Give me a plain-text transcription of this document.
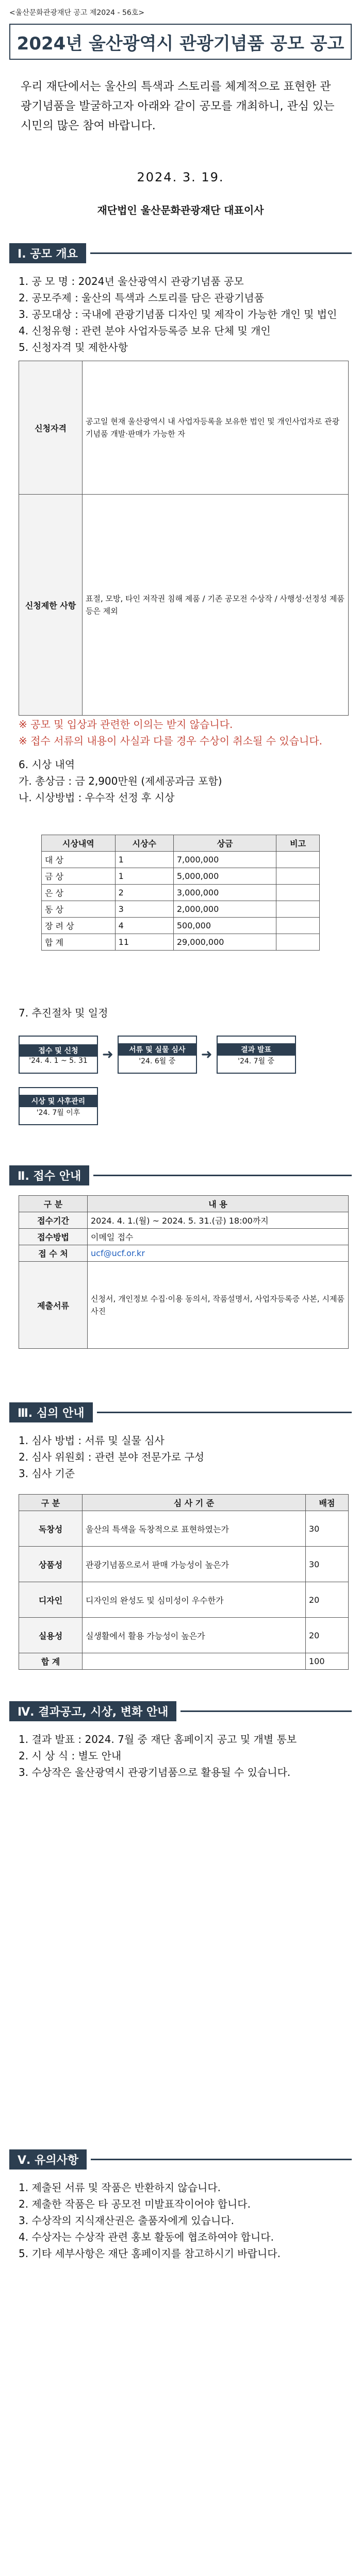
<울산문화관광재단 공고 제2024 - 56호>
2024년 울산광역시 관광기념품 공모 공고
우리 재단에서는 울산의 특색과 스토리를 체계적으로 표현한 관광기념품을 발굴하고자 아래와 같이 공모를 개최하니, 관심 있는 시민의 많은 참여 바랍니다.
2024. 3. 19.
재단법인 울산문화관광재단 대표이사
Ⅰ. 공모 개요
1. 공 모 명 : 2024년 울산광역시 관광기념품 공모
2. 공모주제 : 울산의 특색과 스토리를 담은 관광기념품
3. 공모대상 : 국내에 관광기념품 디자인 및 제작이 가능한 개인 및 법인
4. 신청유형 : 관련 분야 사업자등록증 보유 단체 및 개인
5. 신청자격 및 제한사항
신청자격	공고일 현재 울산광역시 내 사업자등록을 보유한 법인 및 개인사업자로 관광기념품 개발·판매가 가능한 자
신청제한 사항	표절, 모방, 타인 저작권 침해 제품 / 기존 공모전 수상작 / 사행성·선정성 제품 등은 제외
※ 공모 및 입상과 관련한 이의는 받지 않습니다.
※ 접수 서류의 내용이 사실과 다를 경우 수상이 취소될 수 있습니다.
6. 시상 내역
가. 총상금 : 금 2,900만원 (제세공과금 포함)
나. 시상방법 : 우수작 선정 후 시상
시상내역	시상수	상금	비고
대 상	1	7,000,000	
금 상	1	5,000,000	
은 상	2	3,000,000	
동 상	3	2,000,000	
장 려 상	4	500,000	
합 계	11	29,000,000	
7. 추진절차 및 일정
접수 및 신청
'24. 4. 1 ~ 5. 31 ➜	서류 및 실물 심사
'24. 6월 중 ➜	결과 발표
'24. 7월 중
시상 및 사후관리
'24. 7월 이후
Ⅱ. 접수 안내
구 분	내 용
접수기간	2024. 4. 1.(월) ~ 2024. 5. 31.(금) 18:00까지
접수방법	이메일 접수
접 수 처	ucf@ucf.or.kr
제출서류	신청서, 개인정보 수집·이용 동의서, 작품설명서, 사업자등록증 사본, 시제품 사진
Ⅲ. 심의 안내
1. 심사 방법 : 서류 및 실물 심사
2. 심사 위원회 : 관련 분야 전문가로 구성
3. 심사 기준
구 분	심 사 기 준	배점
독창성	울산의 특색을 독창적으로 표현하였는가	30
상품성	관광기념품으로서 판매 가능성이 높은가	30
디자인	디자인의 완성도 및 심미성이 우수한가	20
실용성	실생활에서 활용 가능성이 높은가	20
합 계		100
Ⅳ. 결과공고, 시상, 변화 안내
1. 결과 발표 : 2024. 7월 중 재단 홈페이지 공고 및 개별 통보
2. 시 상 식 : 별도 안내
3. 수상작은 울산광역시 관광기념품으로 활용될 수 있습니다.
Ⅴ. 유의사항
1. 제출된 서류 및 작품은 반환하지 않습니다.
2. 제출한 작품은 타 공모전 미발표작이어야 합니다.
3. 수상작의 지식재산권은 출품자에게 있습니다.
4. 수상자는 수상작 관련 홍보 활동에 협조하여야 합니다.
5. 기타 세부사항은 재단 홈페이지를 참고하시기 바랍니다.
